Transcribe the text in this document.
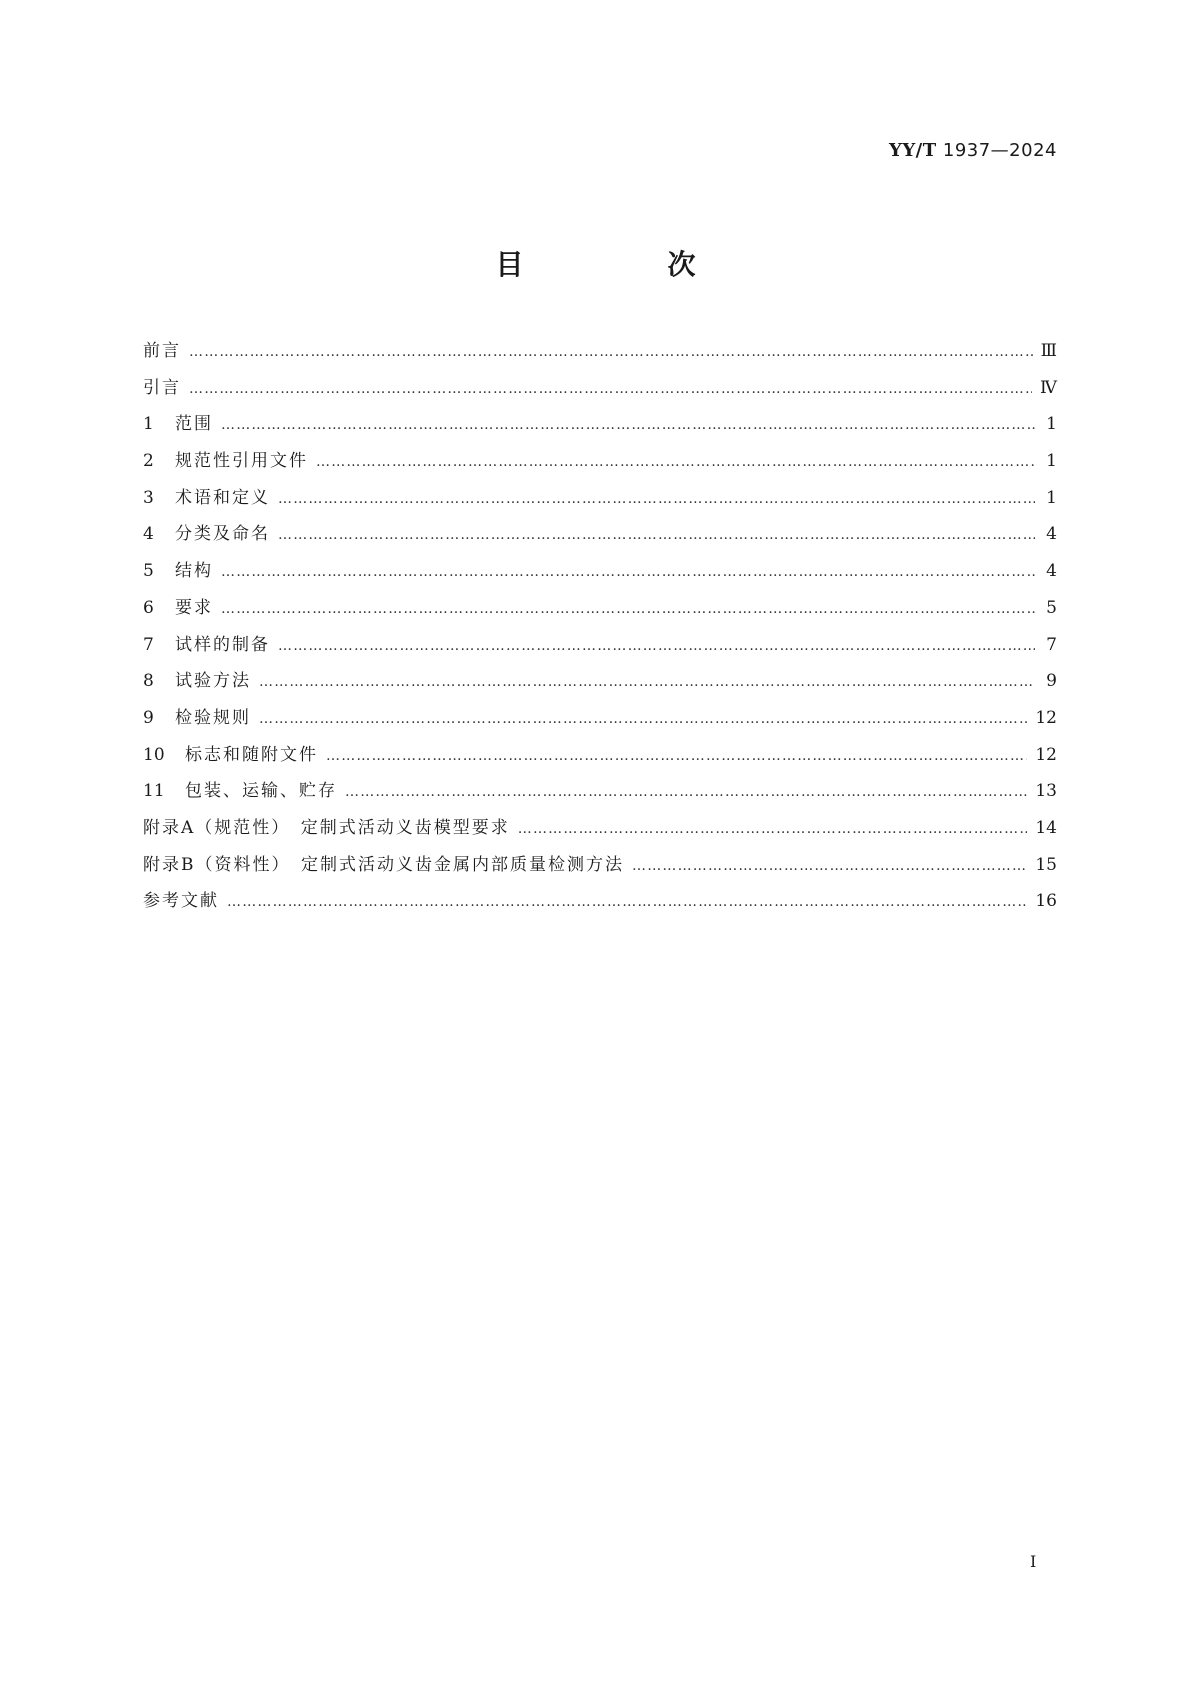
YY/T 1937—2024
目　次
前言 ……………………………………………………………………………………………………………………………………………………………………………………………………………………………………………………………………	Ⅲ
引言 ……………………………………………………………………………………………………………………………………………………………………………………………………………………………………………………………………	Ⅳ
1	范围 ……………………………………………………………………………………………………………………………………………………………………………………………………………………………………………………………………	1
2	规范性引用文件 ……………………………………………………………………………………………………………………………………………………………………………………………………………………………………………………………………	1
3	术语和定义 ……………………………………………………………………………………………………………………………………………………………………………………………………………………………………………………………………	1
4	分类及命名 ……………………………………………………………………………………………………………………………………………………………………………………………………………………………………………………………………	4
5	结构 ……………………………………………………………………………………………………………………………………………………………………………………………………………………………………………………………………	4
6	要求 ……………………………………………………………………………………………………………………………………………………………………………………………………………………………………………………………………	5
7	试样的制备 ……………………………………………………………………………………………………………………………………………………………………………………………………………………………………………………………………	7
8	试验方法 ……………………………………………………………………………………………………………………………………………………………………………………………………………………………………………………………………	9
9	检验规则 ……………………………………………………………………………………………………………………………………………………………………………………………………………………………………………………………………	12
10	标志和随附文件 ……………………………………………………………………………………………………………………………………………………………………………………………………………………………………………………………………	12
11	包装、运输、贮存 ……………………………………………………………………………………………………………………………………………………………………………………………………………………………………………………………………	13
附录A（规范性）　定制式活动义齿模型要求 ……………………………………………………………………………………………………………………………………………………………………………………………………………………………………………………………………	14
附录B（资料性）　定制式活动义齿金属内部质量检测方法 ……………………………………………………………………………………………………………………………………………………………………………………………………………………………………………………………………	15
参考文献 ……………………………………………………………………………………………………………………………………………………………………………………………………………………………………………………………………	16
Ⅰ
